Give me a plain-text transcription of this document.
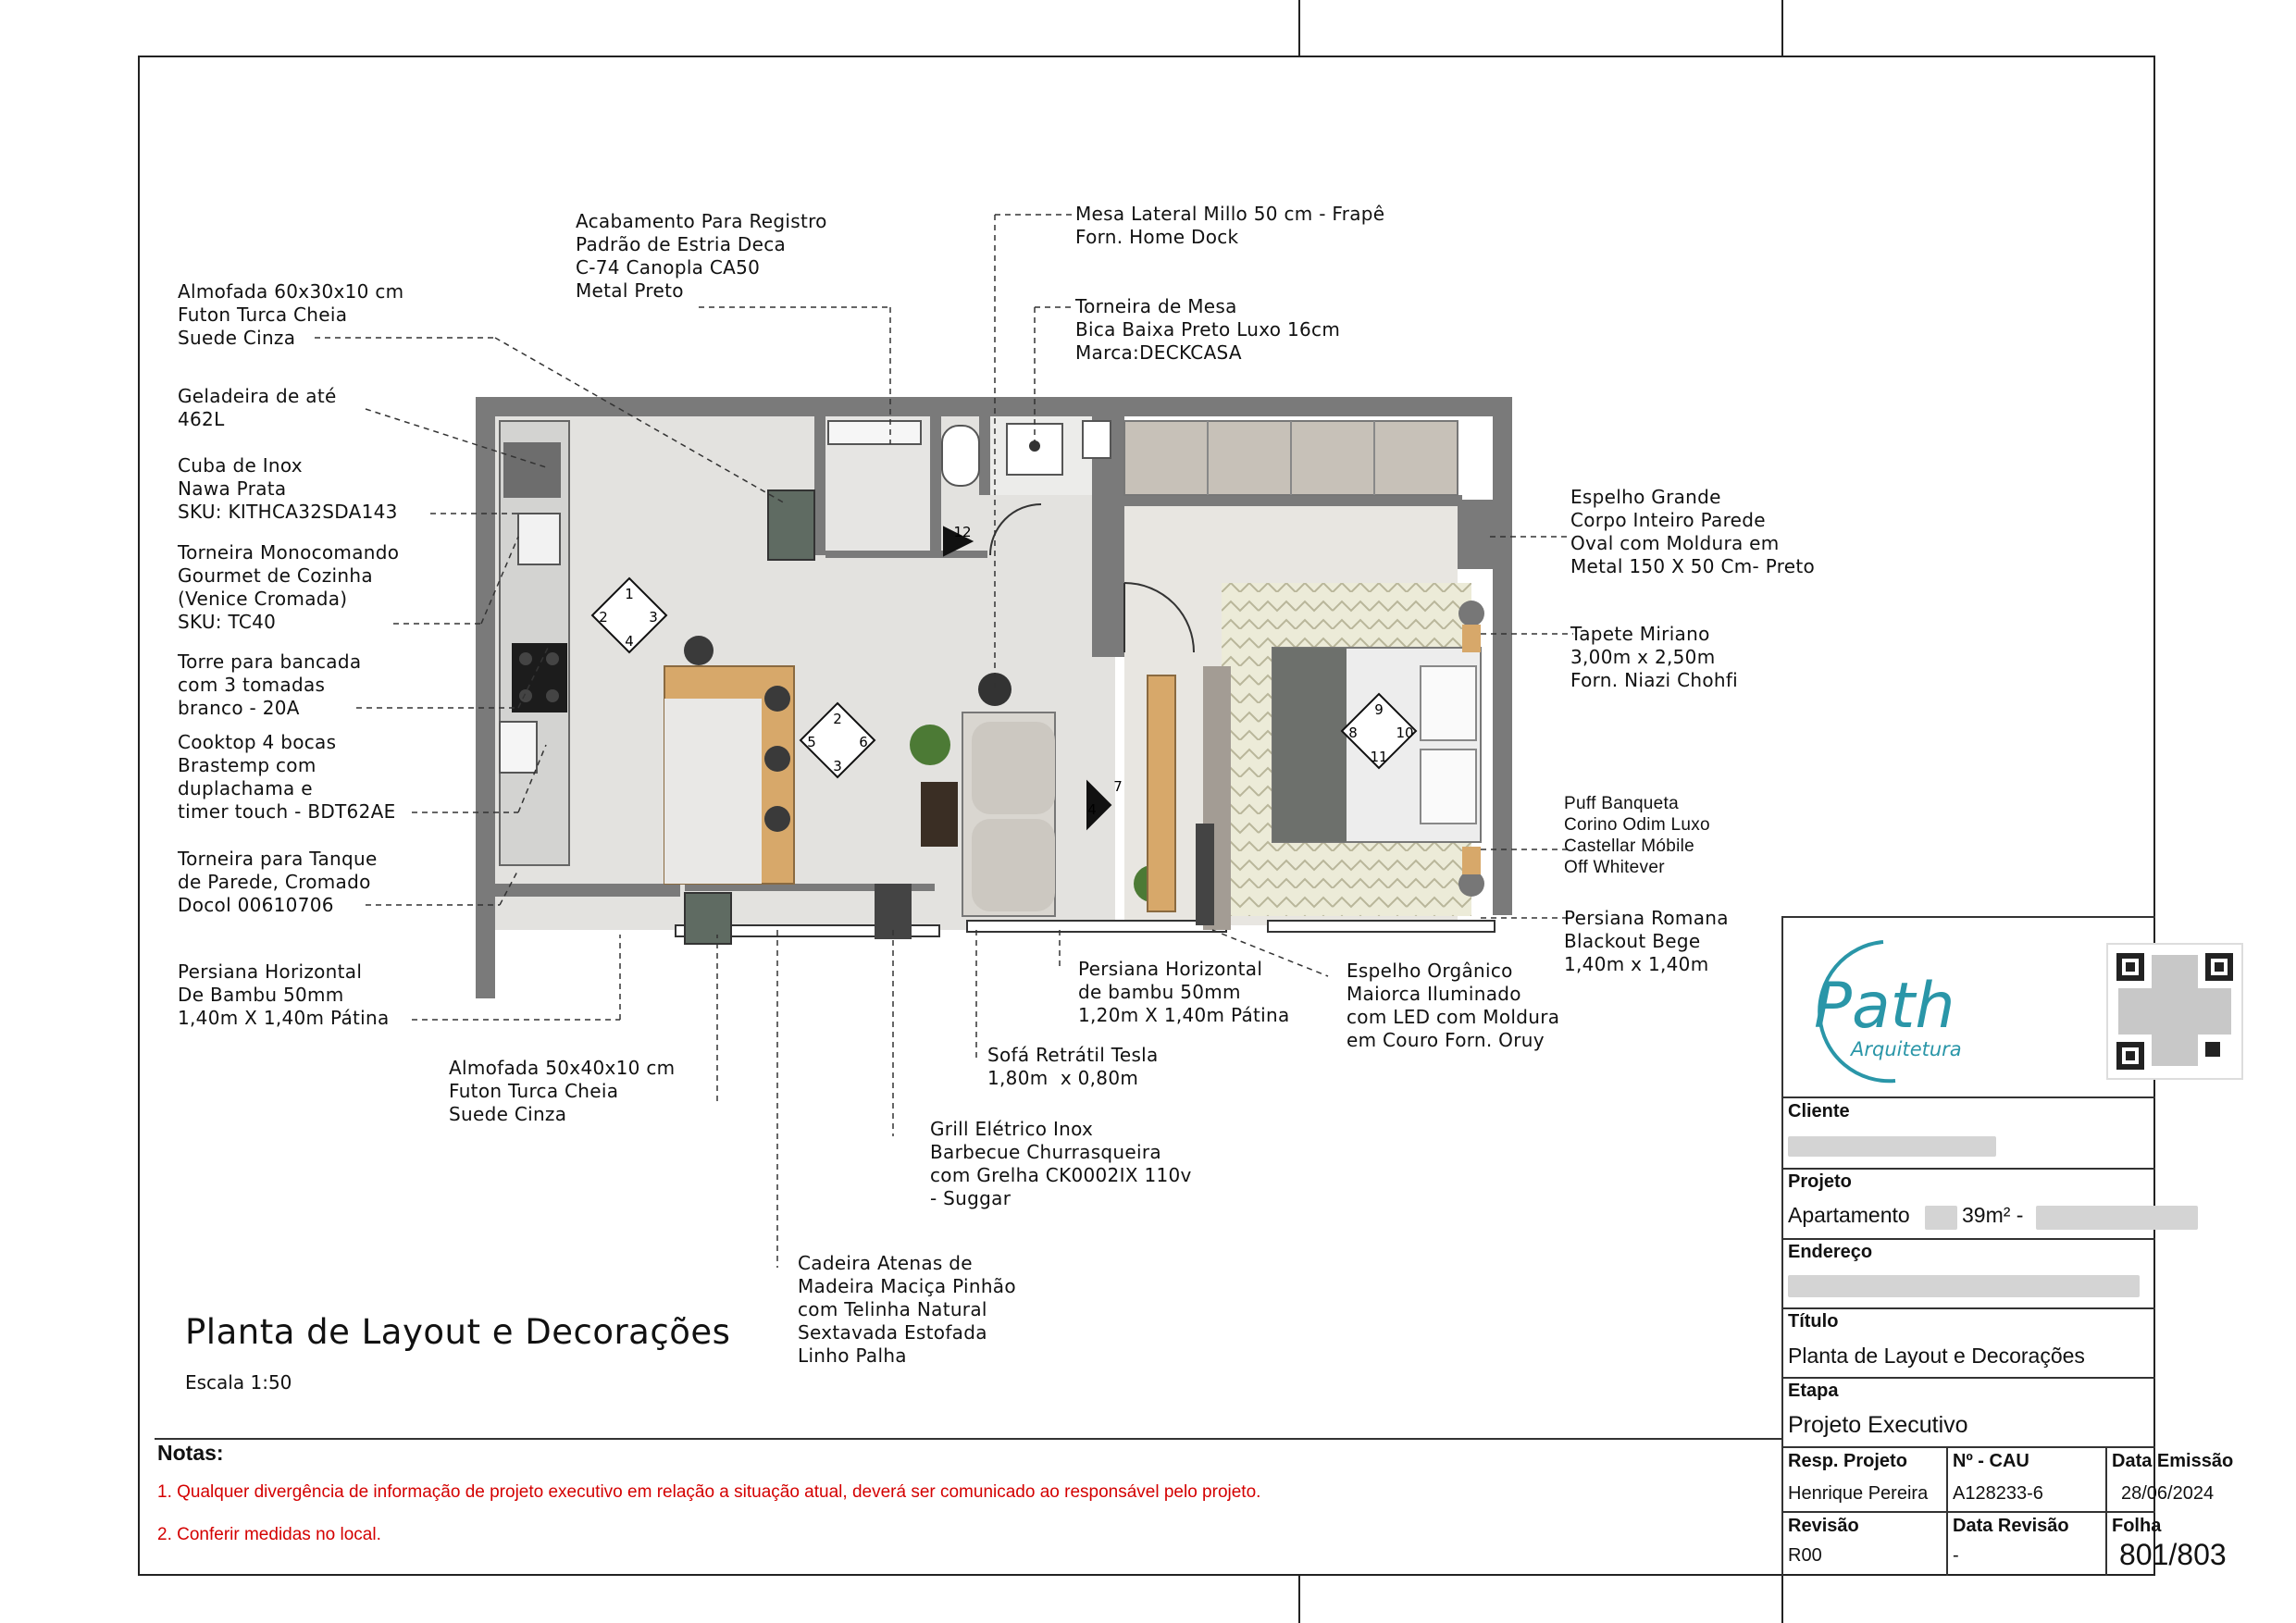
1
2	3
4
2
5	6
3
4
7
9
8	10
11
12
Almofada 60x30x10 cm
Futon Turca Cheia
Suede Cinza
Geladeira de até
462L
Cuba de Inox
Nawa Prata
SKU: KITHCA32SDA143
Torneira Monocomando
Gourmet de Cozinha
(Venice Cromada)
SKU: TC40
Torre para bancada
com 3 tomadas
branco - 20A
Cooktop 4 bocas
Brastemp com
duplachama e
timer touch - BDT62AE
Torneira para Tanque
de Parede, Cromado
Docol 00610706
Persiana Horizontal
De Bambu 50mm
1,40m X 1,40m Pátina
Almofada 50x40x10 cm
Futon Turca Cheia
Suede Cinza
Acabamento Para Registro
Padrão de Estria Deca
C-74 Canopla CA50
Metal Preto
Mesa Lateral Millo 50 cm - Frapê
Forn. Home Dock
Torneira de Mesa
Bica Baixa Preto Luxo 16cm
Marca:DECKCASA
Espelho Grande
Corpo Inteiro Parede
Oval com Moldura em
Metal 150 X 50 Cm- Preto
Tapete Miriano
3,00m x 2,50m
Forn. Niazi Chohfi
Puff Banqueta
Corino Odim Luxo
Castellar Móbile
Off Whitever
Persiana Romana
Blackout Bege
1,40m x 1,40m
Persiana Horizontal
de bambu 50mm
1,20m X 1,40m Pátina
Espelho Orgânico
Maiorca Iluminado
com LED com Moldura
em Couro Forn. Oruy
Sofá Retrátil Tesla
1,80m  x 0,80m
Grill Elétrico Inox
Barbecue Churrasqueira
com Grelha CK0002IX 110v
- Suggar
Cadeira Atenas de
Madeira Maciça Pinhão
com Telinha Natural
Sextavada Estofada
Linho Palha
Planta de Layout e Decorações
Escala 1:50
Notas:
1. Qualquer divergência de informação de projeto executivo em relação a situação atual, deverá ser comunicado ao responsável pelo projeto.
2. Conferir medidas no local.
Path
Arquitetura
Cliente
Projeto
Apartamento 39m² -
Endereço
Título
Planta de Layout e Decorações
Etapa
Projeto Executivo
Resp. Projeto
Henrique Pereira
Nº - CAU
A128233-6
Data Emissão
28/06/2024
Revisão
R00
Data Revisão
-
Folha
801/803
